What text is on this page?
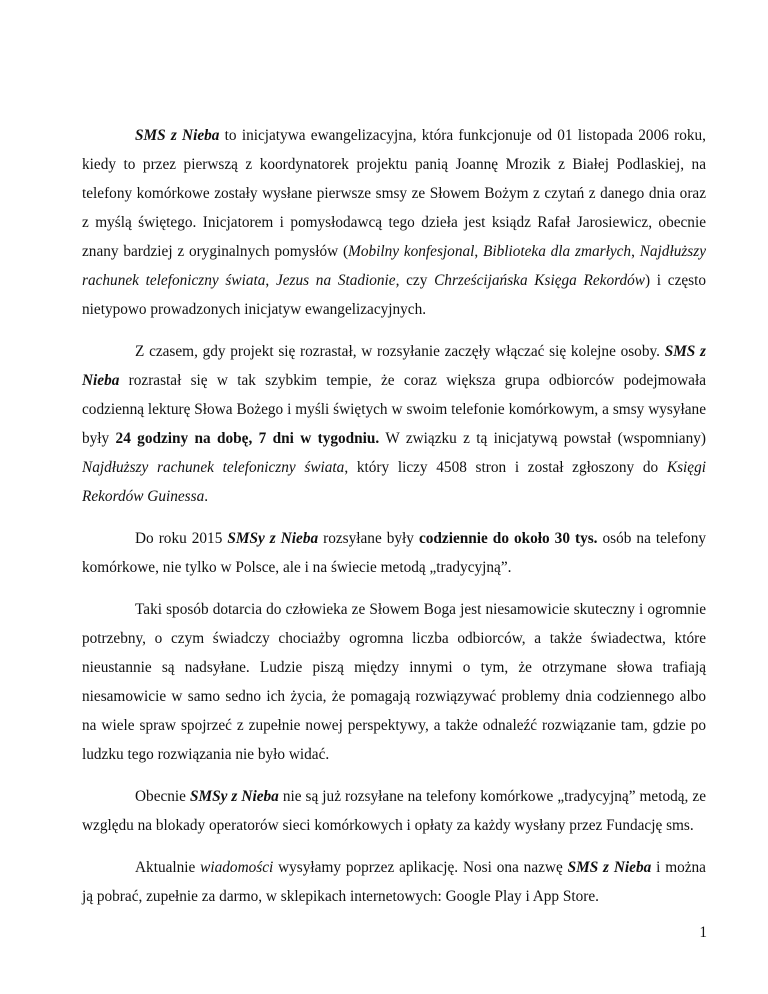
SMS z Nieba to inicjatywa ewangelizacyjna, która funkcjonuje od 01 listopada 2006 roku, kiedy to przez pierwszą z koordynatorek projektu panią Joannę Mrozik z Białej Podlaskiej, na telefony komórkowe zostały wysłane pierwsze smsy ze Słowem Bożym z czytań z danego dnia oraz z myślą świętego. Inicjatorem i pomysłodawcą tego dzieła jest ksiądz Rafał Jarosiewicz, obecnie znany bardziej z oryginalnych pomysłów (Mobilny konfesjonal, Biblioteka dla zmarłych, Najdłuższy rachunek telefoniczny świata, Jezus na Stadionie, czy Chrześcijańska Księga Rekordów) i często nietypowo prowadzonych inicjatyw ewangelizacyjnych.

Z czasem, gdy projekt się rozrastał, w rozsyłanie zaczęły włączać się kolejne osoby. SMS z Nieba rozrastał się w tak szybkim tempie, że coraz większa grupa odbiorców podejmowała codzienną lekturę Słowa Bożego i myśli świętych w swoim telefonie komórkowym, a smsy wysyłane były 24 godziny na dobę, 7 dni w tygodniu. W związku z tą inicjatywą powstał (wspomniany) Najdłuższy rachunek telefoniczny świata, który liczy 4508 stron i został zgłoszony do Księgi Rekordów Guinessa.

Do roku 2015 SMSy z Nieba rozsyłane były codziennie do około 30 tys. osób na telefony komórkowe, nie tylko w Polsce, ale i na świecie metodą „tradycyjną”.

Taki sposób dotarcia do człowieka ze Słowem Boga jest niesamowicie skuteczny i ogromnie potrzebny, o czym świadczy chociażby ogromna liczba odbiorców, a także świadectwa, które nieustannie są nadsyłane. Ludzie piszą między innymi o tym, że otrzymane słowa trafiają niesamowicie w samo sedno ich życia, że pomagają rozwiązywać problemy dnia codziennego albo na wiele spraw spojrzeć z zupełnie nowej perspektywy, a także odnaleźć rozwiązanie tam, gdzie po ludzku tego rozwiązania nie było widać.

Obecnie SMSy z Nieba nie są już rozsyłane na telefony komórkowe „tradycyjną” metodą, ze względu na blokady operatorów sieci komórkowych i opłaty za każdy wysłany przez Fundację sms.

Aktualnie wiadomości wysyłamy poprzez aplikację. Nosi ona nazwę SMS z Nieba i można ją pobrać, zupełnie za darmo, w sklepikach internetowych: Google Play i App Store.

1
